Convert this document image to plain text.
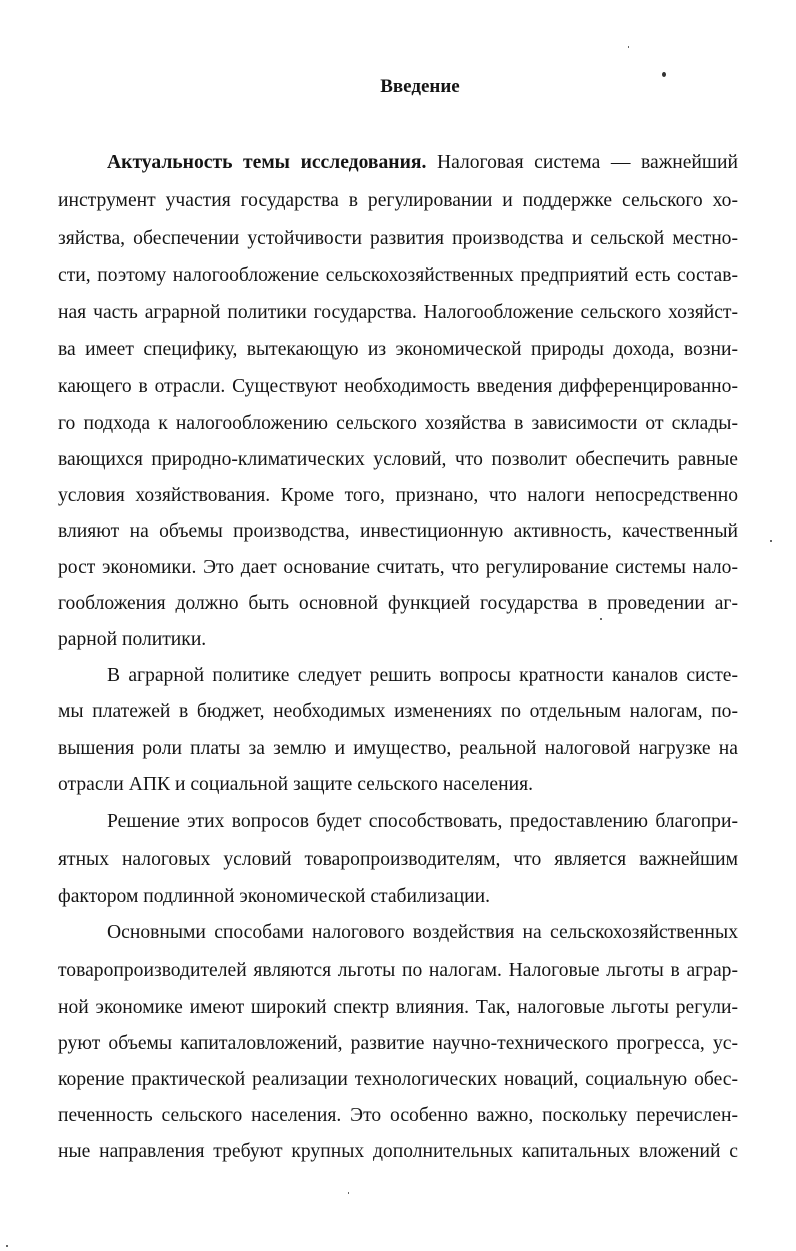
Введение
Актуальность темы исследования. Налоговая система — важнейший
инструмент участия государства в регулировании и поддержке сельского хо-
зяйства, обеспечении устойчивости развития производства и сельской местно-
сти, поэтому налогообложение сельскохозяйственных предприятий есть состав-
ная часть аграрной политики государства. Налогообложение сельского хозяйст-
ва имеет специфику, вытекающую из экономической природы дохода, возни-
кающего в отрасли. Существуют необходимость введения дифференцированно-
го подхода к налогообложению сельского хозяйства в зависимости от склады-
вающихся природно-климатических условий, что позволит обеспечить равные
условия хозяйствования. Кроме того, признано, что налоги непосредственно
влияют на объемы производства, инвестиционную активность, качественный
рост экономики. Это дает основание считать, что регулирование системы нало-
гообложения должно быть основной функцией государства в проведении аг-
рарной политики.
В аграрной политике следует решить вопросы кратности каналов систе-
мы платежей в бюджет, необходимых изменениях по отдельным налогам, по-
вышения роли платы за землю и имущество, реальной налоговой нагрузке на
отрасли АПК и социальной защите сельского населения.
Решение этих вопросов будет способствовать, предоставлению благопри-
ятных налоговых условий товаропроизводителям, что является важнейшим
фактором подлинной экономической стабилизации.
Основными способами налогового воздействия на сельскохозяйственных
товаропроизводителей являются льготы по налогам. Налоговые льготы в аграр-
ной экономике имеют широкий спектр влияния. Так, налоговые льготы регули-
руют объемы капиталовложений, развитие научно-технического прогресса, ус-
корение практической реализации технологических новаций, социальную обес-
печенность сельского населения. Это особенно важно, поскольку перечислен-
ные направления требуют крупных дополнительных капитальных вложений с
